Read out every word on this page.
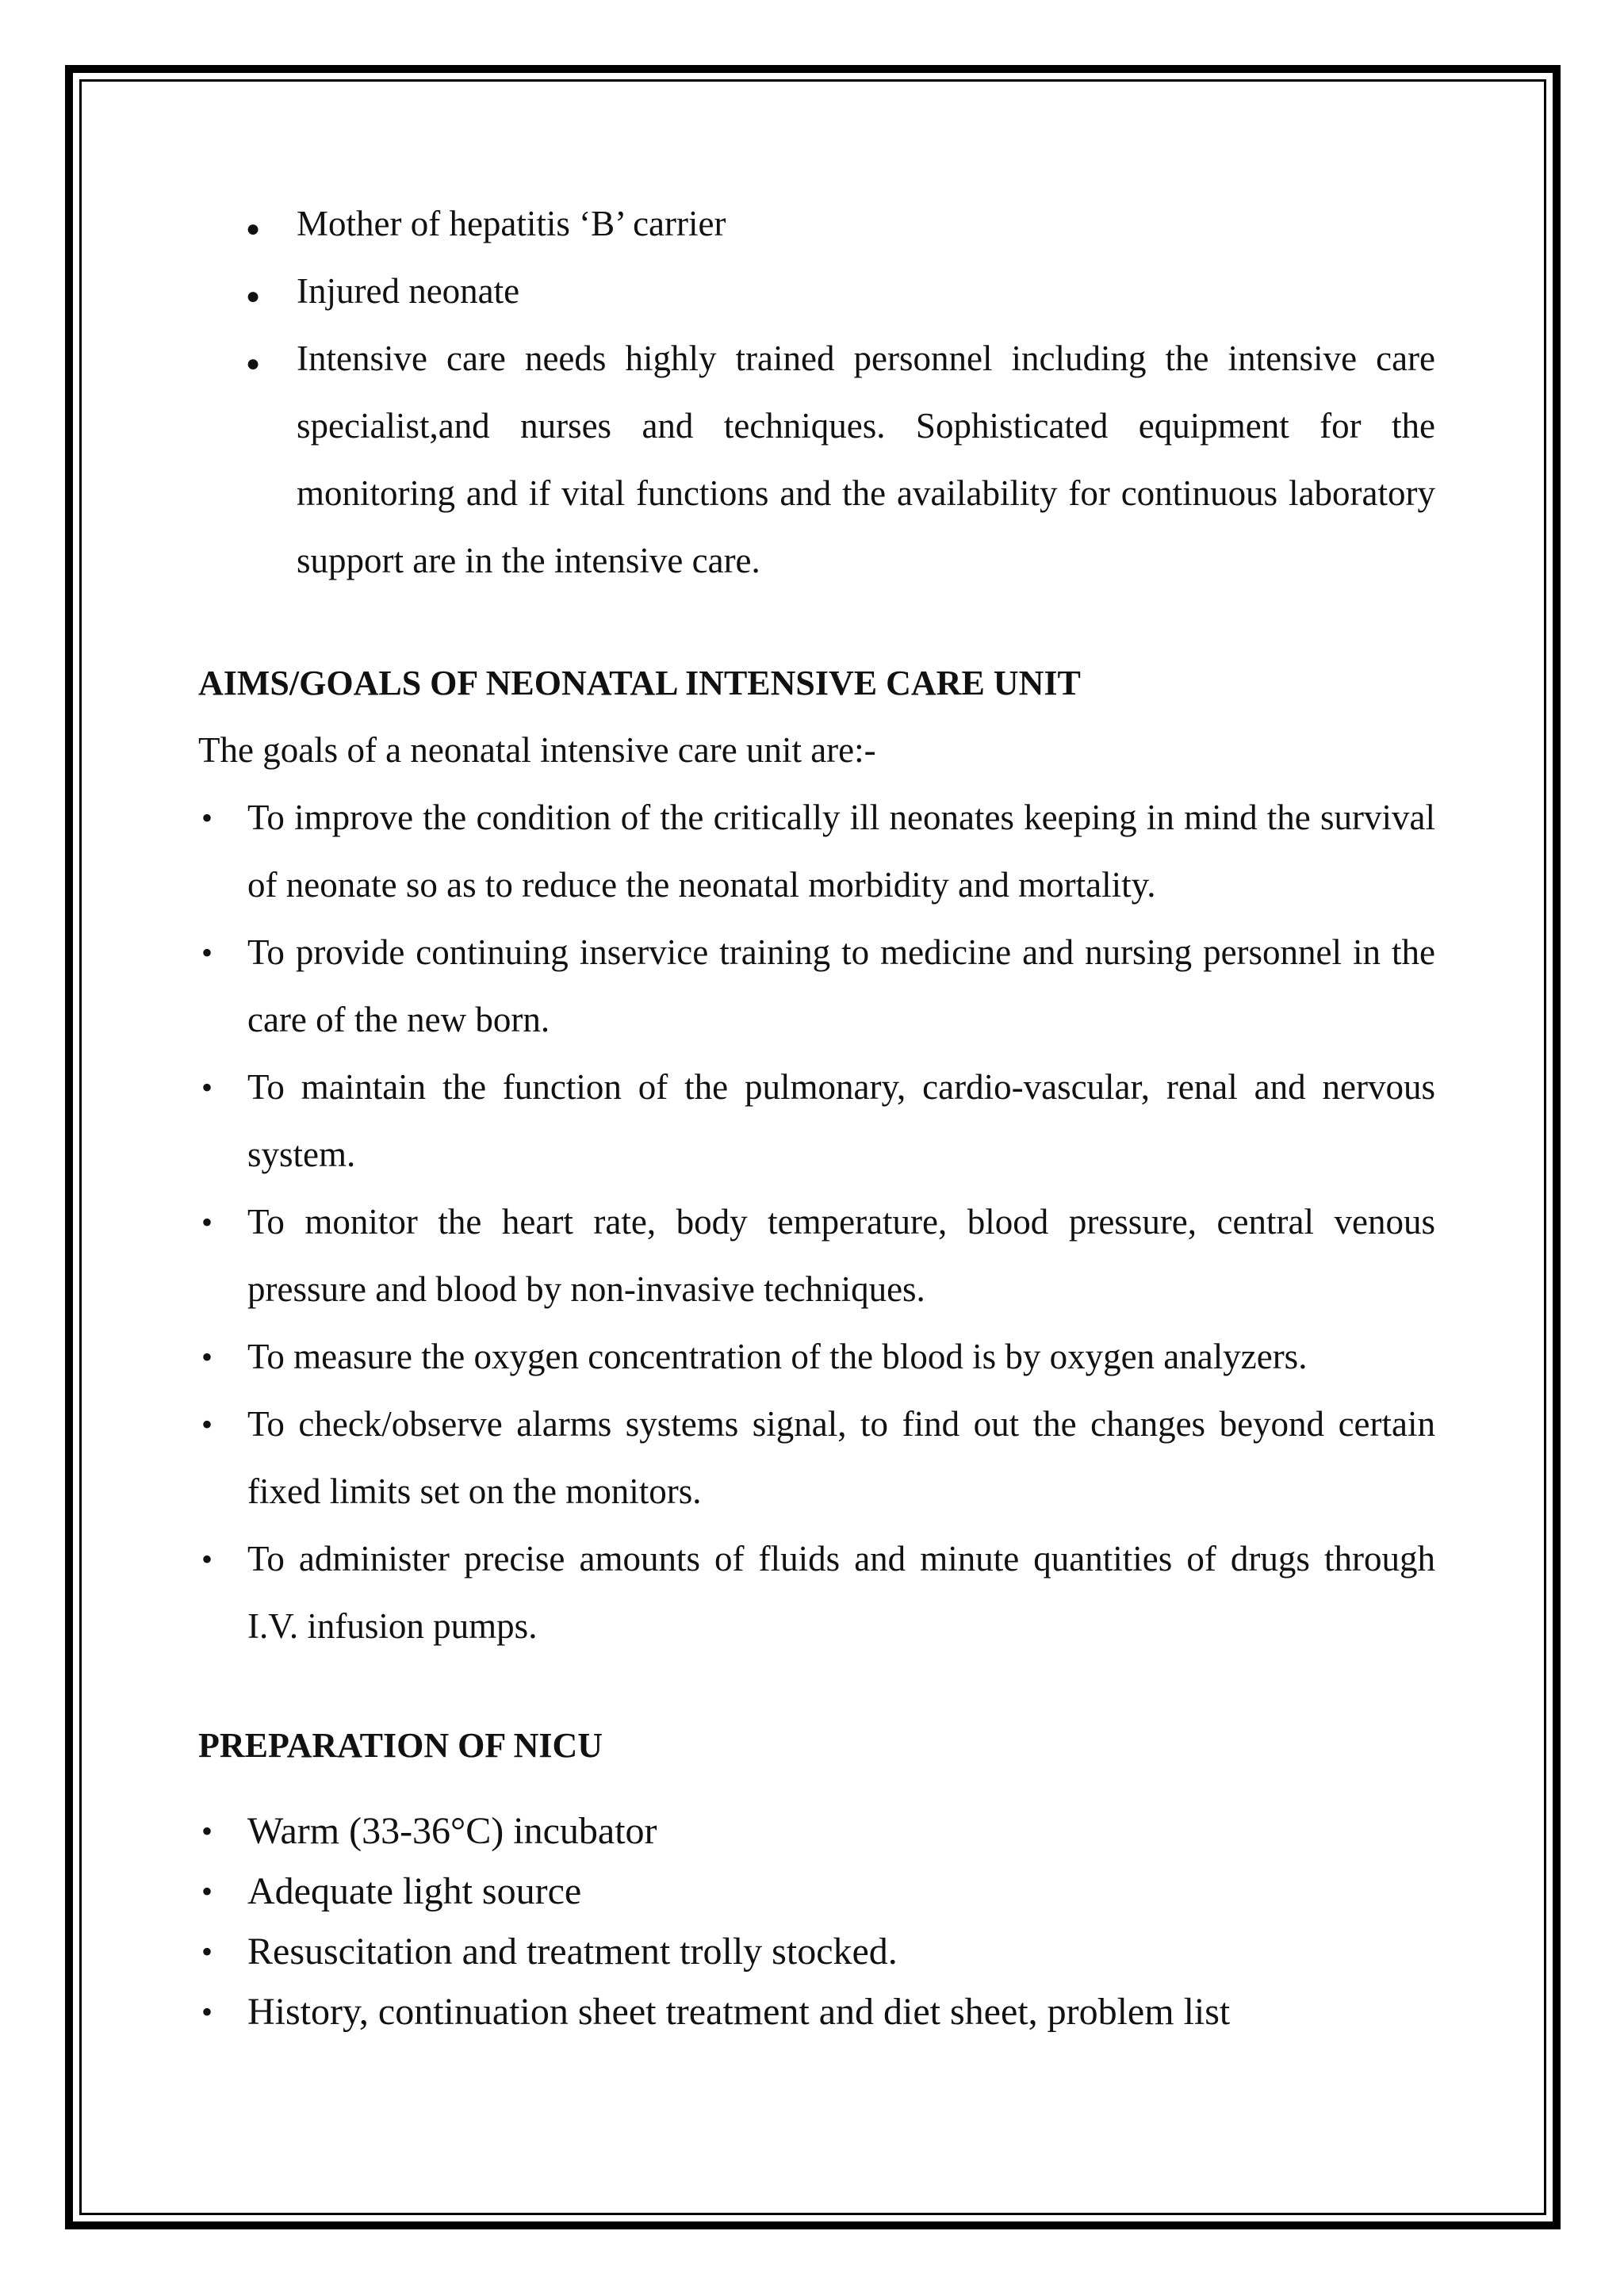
● Mother of hepatitis ‘B’ carrier
● Injured neonate
● Intensive care needs highly trained personnel including the intensive care specialist,and nurses and techniques. Sophisticated equipment for the monitoring and if vital functions and the availability for continuous laboratory support are in the intensive care.
AIMS/GOALS OF NEONATAL INTENSIVE CARE UNIT
The goals of a neonatal intensive care unit are:-
• To improve the condition of the critically ill neonates keeping in mind the survival of neonate so as to reduce the neonatal morbidity and mortality.
• To provide continuing inservice training to medicine and nursing personnel in the care of the new born.
• To maintain the function of the pulmonary, cardio-vascular, renal and nervous system.
• To monitor the heart rate, body temperature, blood pressure, central venous pressure and blood by non-invasive techniques.
• To measure the oxygen concentration of the blood is by oxygen analyzers.
• To check/observe alarms systems signal, to find out the changes beyond certain fixed limits set on the monitors.
• To administer precise amounts of fluids and minute quantities of drugs through I.V. infusion pumps.
PREPARATION OF NICU
• Warm (33-36°C) incubator
• Adequate light source
• Resuscitation and treatment trolly stocked.
• History, continuation sheet treatment and diet sheet, problem list
